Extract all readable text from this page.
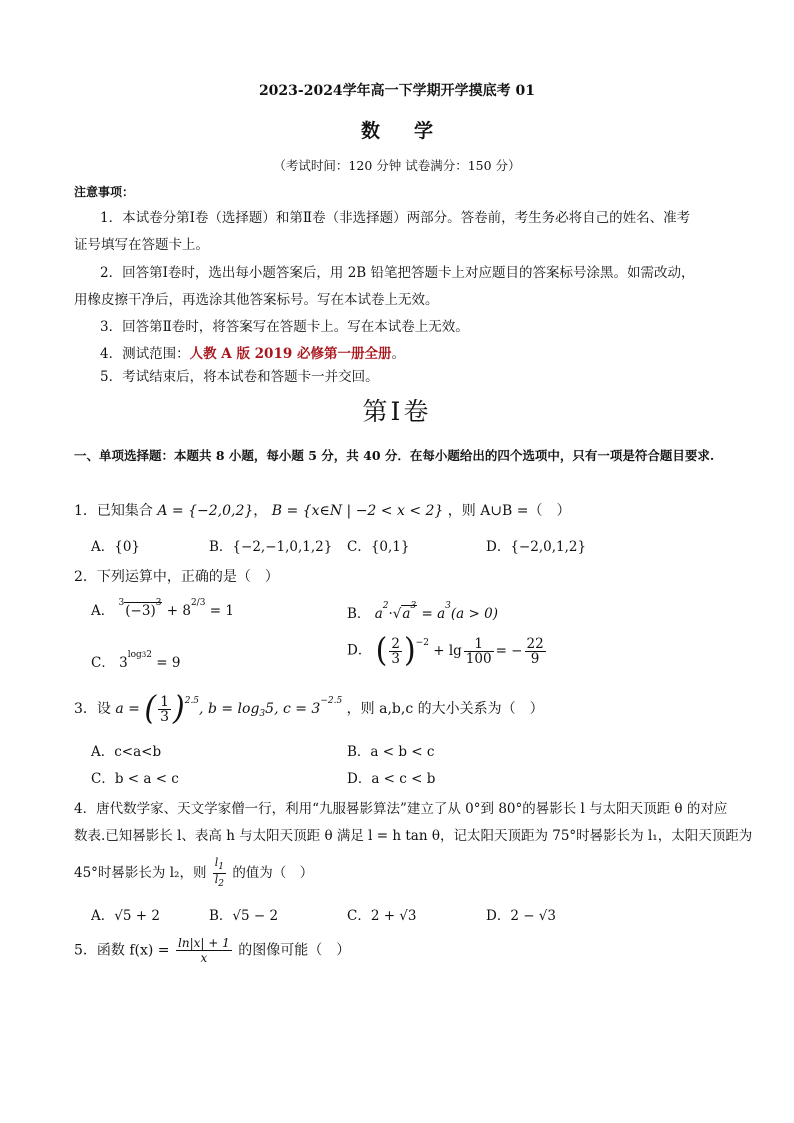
2023-2024学年高一下学期开学摸底考 01
数学
（考试时间：120 分钟 试卷满分：150 分）
注意事项：
1．本试卷分第Ⅰ卷（选择题）和第Ⅱ卷（非选择题）两部分。答卷前，考生务必将自己的姓名、准考
证号填写在答题卡上。
2．回答第Ⅰ卷时，选出每小题答案后，用 2B 铅笔把答题卡上对应题目的答案标号涂黑。如需改动，
用橡皮擦干净后，再选涂其他答案标号。写在本试卷上无效。
3．回答第Ⅱ卷时，将答案写在答题卡上。写在本试卷上无效。
4．测试范围：人教 A 版 2019 必修第一册全册。
5．考试结束后，将本试卷和答题卡一并交回。
第Ⅰ卷
一、单项选择题：本题共 8 小题，每小题 5 分，共 40 分．在每小题给出的四个选项中，只有一项是符合题目要求.
1．已知集合 A = {−2,0,2}， B = {x∈N | −2 < x < 2} ，则 A∪B =（　）
A．{0}	B．{−2,−1,0,1,2} C．{0,1}	D．{−2,0,1,2}
2．下列运算中，正确的是（　）
A． $^3(-3)^3 + 8^{2/3} = 1$	B． $a^2\cdot√a^3 = a^3(a > 0)$
C． $3^{log32} = 9$
D． ( $\frac{2}{3} )^{-2} + \lg \frac{1}{100}$ = − $\frac{22}{9}$
3．设 a = ( $\frac{1}{3} )^{2.5}$, $b = \log_35$, $c = 3^{-2.5}$ ，则 a,b,c 的大小关系为（　）
A．c<a<b	B．a < b < c
C．b < a < c	D．a < c < b
4．唐代数学家、天文学家僧一行，利用“九服晷影算法”建立了从 0°到 80°的晷影长 l 与太阳天顶距 θ 的对应
数表.已知晷影长 l、表高 h 与太阳天顶距 θ 满足 l = h tan θ，记太阳天顶距为 75°时晷影长为 l₁，太阳天顶距为
45°时晷影长为 l₂，则 $\frac{l_1}{l_2}$ 的值为（　）
A．√5 + 2	B．√5 − 2	C．2 + √3	D．2 − √3
5．函数 $f(x) = \frac{\ln|x| + 1}{x}$ 的图像可能（　）
